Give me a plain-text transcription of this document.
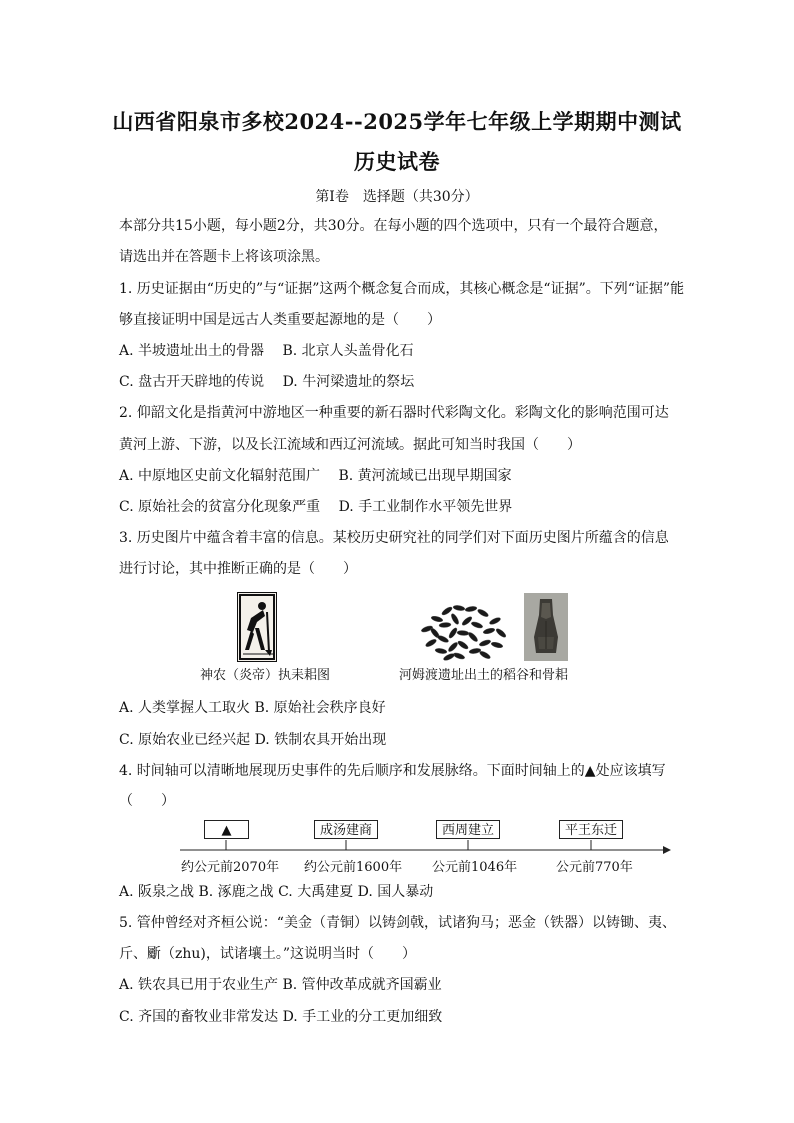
山西省阳泉市多校2024--2025学年七年级上学期期中测试
历史试卷
第Ⅰ卷　选择题（共30分）
本部分共15小题，每小题2分，共30分。在每小题的四个选项中，只有一个最符合题意，
请选出并在答题卡上将该项涂黑。
1. 历史证据由“历史的”与“证据”这两个概念复合而成，其核心概念是“证据”。下列“证据”能
够直接证明中国是远古人类重要起源地的是（　　）
A. 半坡遗址出土的骨器　 B. 北京人头盖骨化石
C. 盘古开天辟地的传说　 D. 牛河梁遗址的祭坛
2. 仰韶文化是指黄河中游地区一种重要的新石器时代彩陶文化。彩陶文化的影响范围可达
黄河上游、下游，以及长江流域和西辽河流域。据此可知当时我国（　　）
A. 中原地区史前文化辐射范围广　 B. 黄河流域已出现早期国家
C. 原始社会的贫富分化现象严重　 D. 手工业制作水平领先世界
3. 历史图片中蕴含着丰富的信息。某校历史研究社的同学们对下面历史图片所蕴含的信息
进行讨论，其中推断正确的是（　　）
神农（炎帝）执耒耜图	河姆渡遗址出土的稻谷和骨耜
A. 人类掌握人工取火 B. 原始社会秩序良好
C. 原始农业已经兴起 D. 铁制农具开始出现
4. 时间轴可以清晰地展现历史事件的先后顺序和发展脉络。下面时间轴上的▲处应该填写
（　　）
▲	成汤建商	西周建立	平王东迁
约公元前2070年 约公元前1600年 公元前1046年	公元前770年
A. 阪泉之战 B. 涿鹿之战 C. 大禹建夏 D. 国人暴动
5. 管仲曾经对齐桓公说：“美金（青铜）以铸剑戟，试诸狗马；恶金（铁器）以铸锄、夷、
斤、斸（zhu)，试诸壤土。”这说明当时（　　）
A. 铁农具已用于农业生产 B. 管仲改革成就齐国霸业
C. 齐国的畜牧业非常发达 D. 手工业的分工更加细致
